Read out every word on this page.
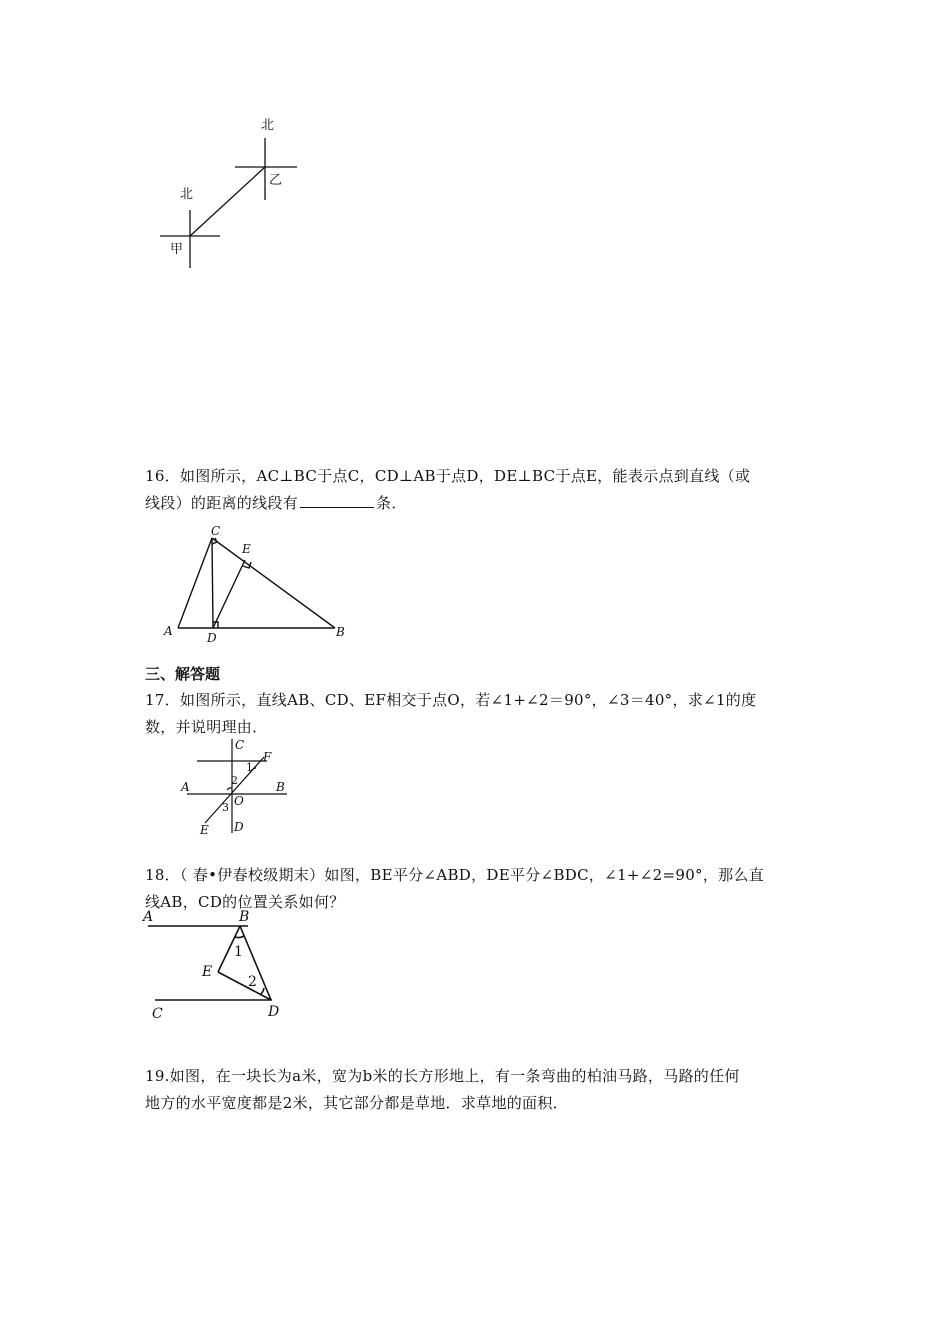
北
北
乙
甲

16．如图所示，AC⊥BC于点C，CD⊥AB于点D，DE⊥BC于点E，能表示点到直线（或

线段）的距离的线段有	条．

A
C
E
D	B
三、解答题

17．如图所示，直线AB、CD、EF相交于点O，若∠1+∠2＝90°，∠3＝40°，求∠1的度

数，并说明理由．

C
F
1
2
A	B
O
3
D
E

18．（ 春•伊春校级期末）如图，BE平分∠ABD，DE平分∠BDC，∠1+∠2=90°，那么直

线AB，CD的位置关系如何？

A	B
1
E
2
C	D

19.如图，在一块长为a米，宽为b米的长方形地上，有一条弯曲的柏油马路，马路的任何

地方的水平宽度都是2米，其它部分都是草地．求草地的面积．
